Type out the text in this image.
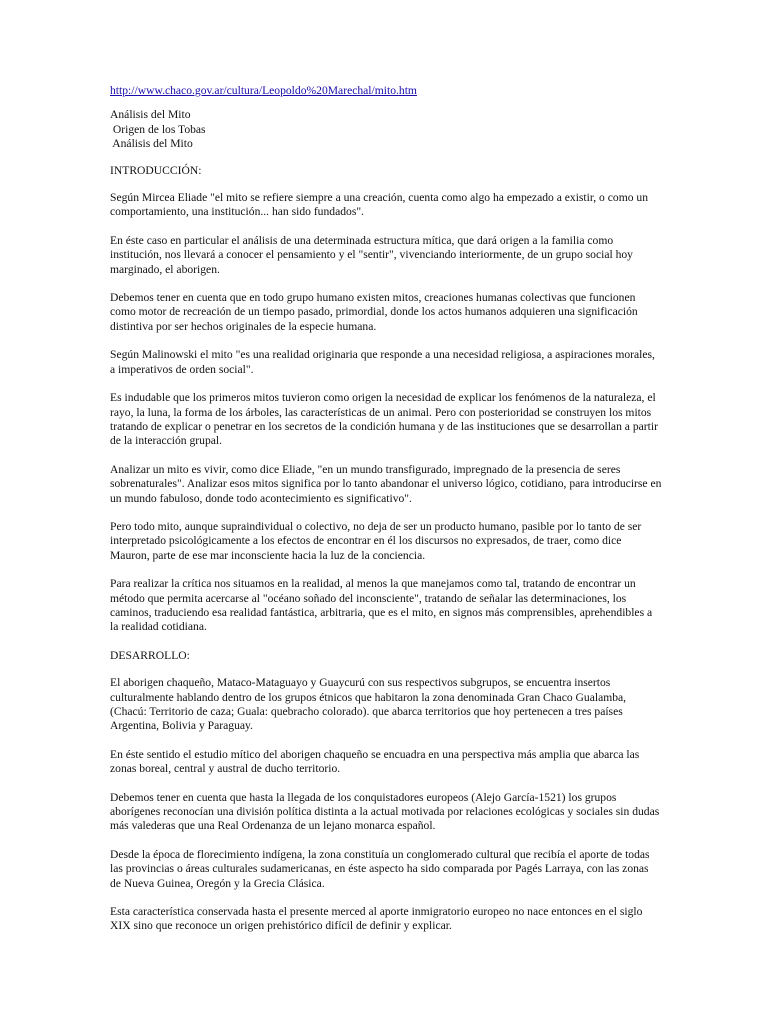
http://www.chaco.gov.ar/cultura/Leopoldo%20Marechal/mito.htm
Análisis del Mito
Origen de los Tobas
Análisis del Mito
INTRODUCCIÓN:

Según Mircea Eliade "el mito se refiere siempre a una creación, cuenta como algo ha empezado a existir, o como un comportamiento, una institución... han sido fundados".

En éste caso en particular el análisis de una determinada estructura mítica, que dará origen a la familia como institución, nos llevará a conocer el pensamiento y el "sentir", vivenciando interiormente, de un grupo social hoy marginado, el aborigen.

Debemos tener en cuenta que en todo grupo humano existen mitos, creaciones humanas colectivas que funcionen como motor de recreación de un tiempo pasado, primordial, donde los actos humanos adquieren una significación distintiva por ser hechos originales de la especie humana.

Según Malinowski el mito "es una realidad originaria que responde a una necesidad religiosa, a aspiraciones morales, a imperativos de orden social".

Es indudable que los primeros mitos tuvieron como origen la necesidad de explicar los fenómenos de la naturaleza, el rayo, la luna, la forma de los árboles, las características de un animal. Pero con posterioridad se construyen los mitos tratando de explicar o penetrar en los secretos de la condición humana y de las instituciones que se desarrollan a partir de la interacción grupal.

Analizar un mito es vivir, como dice Eliade, "en un mundo transfigurado, impregnado de la presencia de seres sobrenaturales". Analizar esos mitos significa por lo tanto abandonar el universo lógico, cotidiano, para introducirse en un mundo fabuloso, donde todo acontecimiento es significativo".

Pero todo mito, aunque supraindividual o colectivo, no deja de ser un producto humano, pasible por lo tanto de ser interpretado psicológicamente a los efectos de encontrar en él los discursos no expresados, de traer, como dice Mauron, parte de ese mar inconsciente hacia la luz de la conciencia.

Para realizar la crítica nos situamos en la realidad, al menos la que manejamos como tal, tratando de encontrar un método que permita acercarse al "océano soñado del inconsciente", tratando de señalar las determinaciones, los caminos, traduciendo esa realidad fantástica, arbitraria, que es el mito, en signos más comprensibles, aprehendibles a la realidad cotidiana.

DESARROLLO:

El aborigen chaqueño, Mataco-Mataguayo y Guaycurú con sus respectivos subgrupos, se encuentra insertos culturalmente hablando dentro de los grupos étnicos que habitaron la zona denominada Gran Chaco Gualamba, (Chacú: Territorio de caza; Guala: quebracho colorado). que abarca territorios que hoy pertenecen a tres países Argentina, Bolivia y Paraguay.

En éste sentido el estudio mítico del aborigen chaqueño se encuadra en una perspectiva más amplia que abarca las zonas boreal, central y austral de ducho territorio.

Debemos tener en cuenta que hasta la llegada de los conquistadores europeos (Alejo García-1521) los grupos aborígenes reconocían una división política distinta a la actual motivada por relaciones ecológicas y sociales sin dudas más valederas que una Real Ordenanza de un lejano monarca español.

Desde la época de florecimiento indígena, la zona constituía un conglomerado cultural que recibía el aporte de todas las provincias o áreas culturales sudamericanas, en éste aspecto ha sido comparada por Pagés Larraya, con las zonas de Nueva Guinea, Oregón y la Grecia Clásica.

Esta característica conservada hasta el presente merced al aporte inmigratorio europeo no nace entonces en el siglo XIX sino que reconoce un origen prehistórico difícil de definir y explicar.
